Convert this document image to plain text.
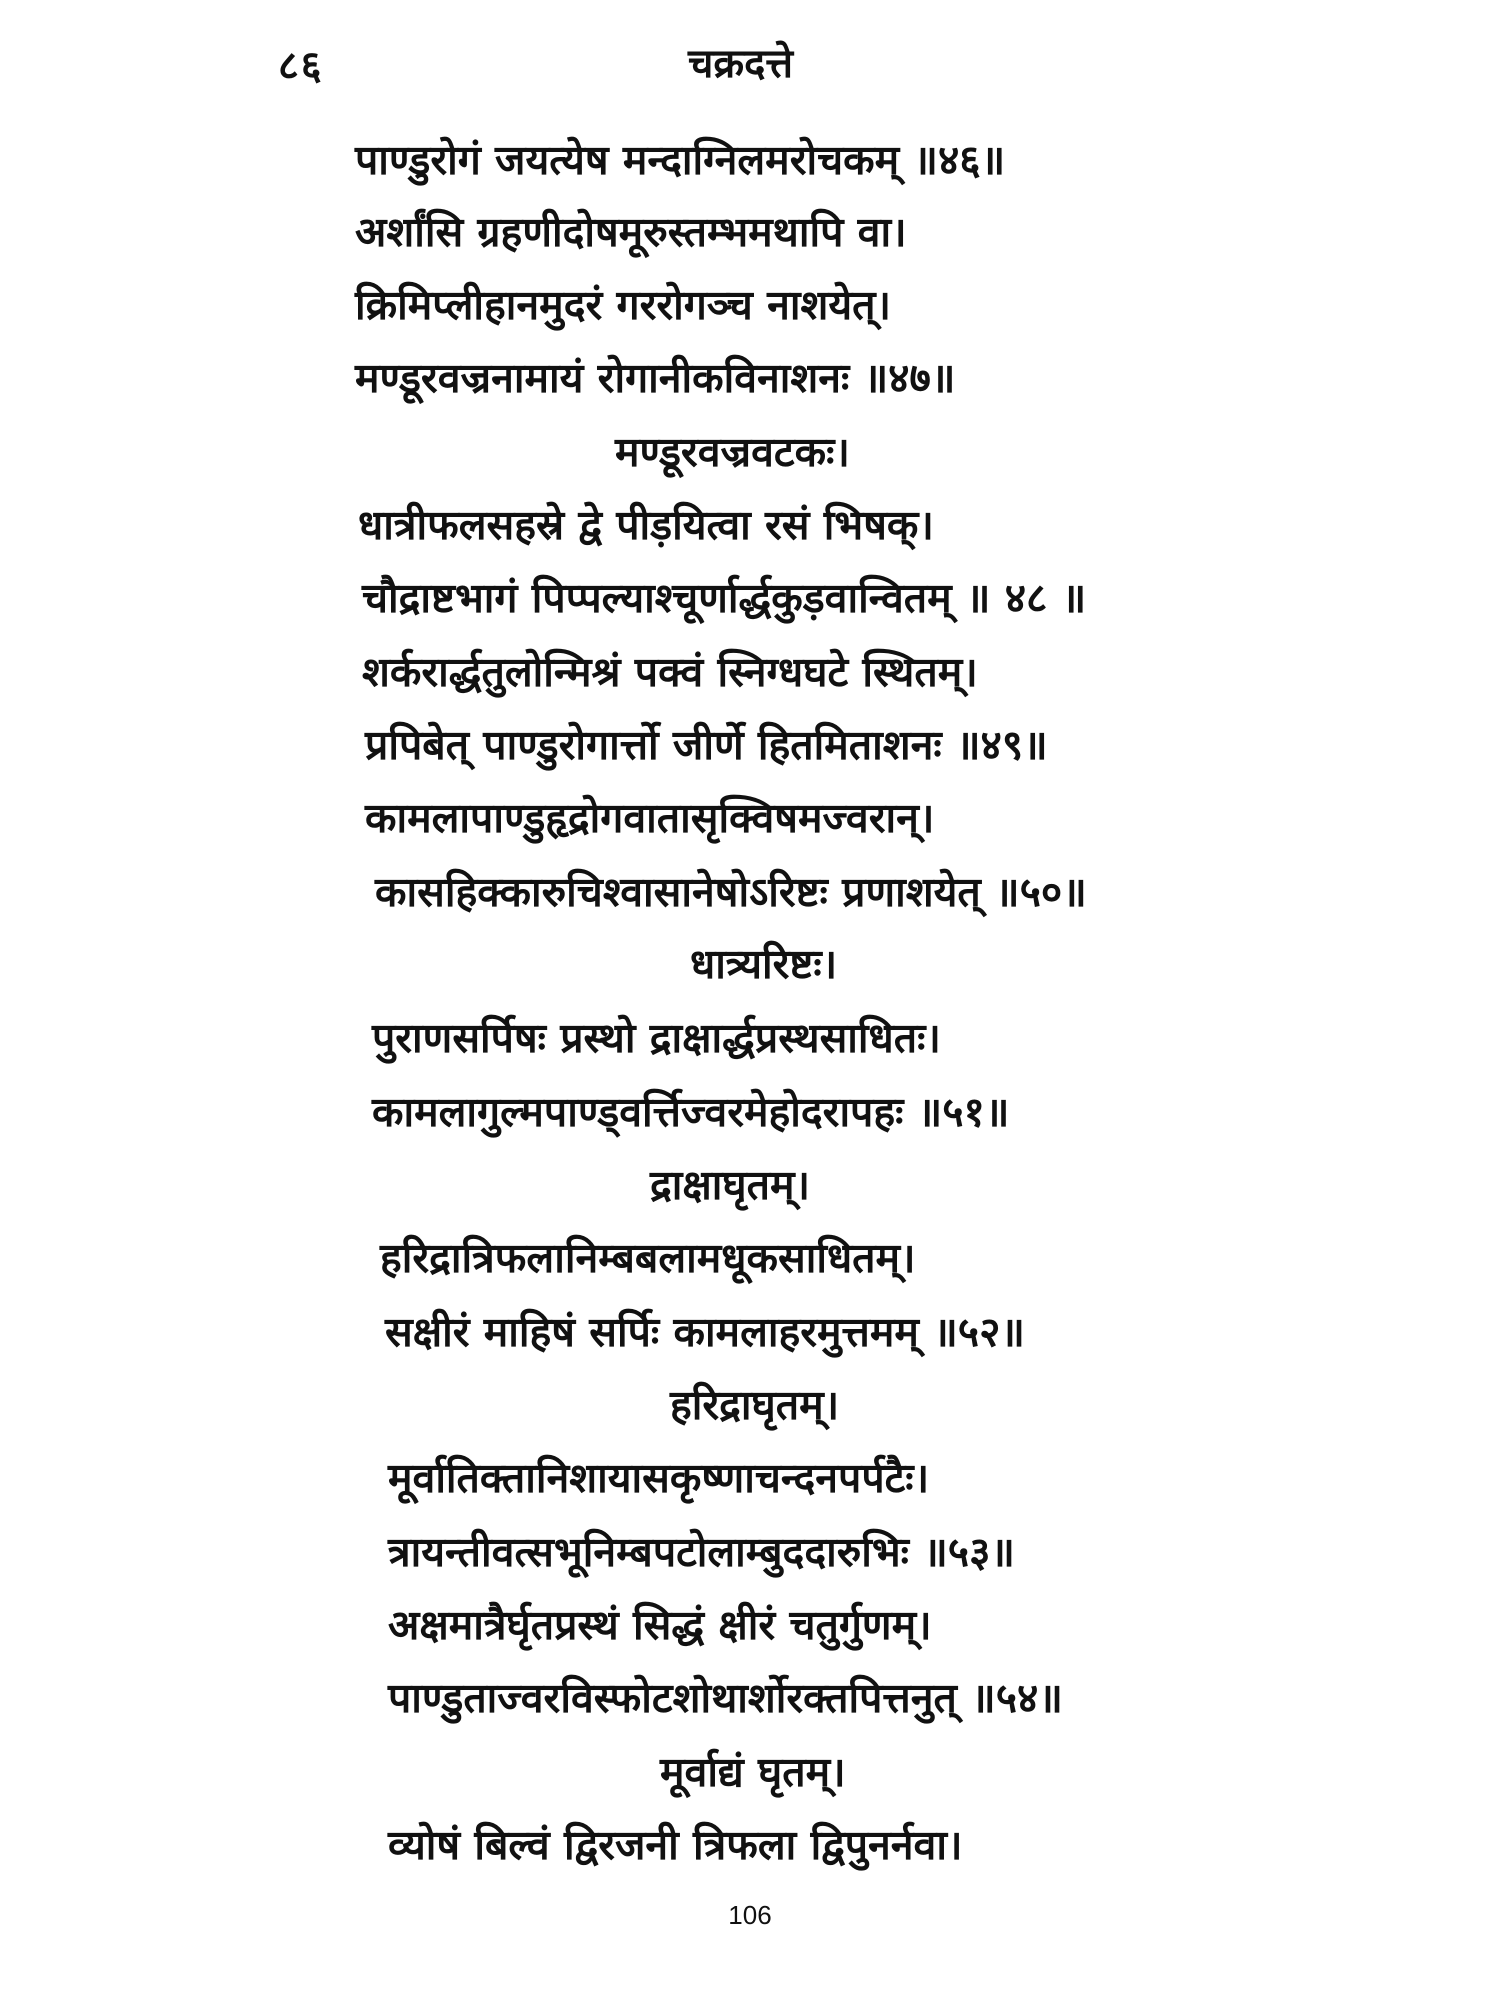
८६	चक्रदत्ते
पाण्डुरोगं जयत्येष मन्दाग्निलमरोचकम् ॥४६॥
अर्शांसि ग्रहणीदोषमूरुस्तम्भमथापि वा।
क्रिमिप्लीहानमुदरं गररोगञ्च नाशयेत्।
मण्डूरवज्रनामायं रोगानीकविनाशनः ॥४७॥
मण्डूरवज्रवटकः।
धात्रीफलसहस्रे द्वे पीड़यित्वा रसं भिषक्।
चौद्राष्टभागं पिप्पल्याश्चूर्णार्द्धकुड़वान्वितम् ॥ ४८ ॥
शर्करार्द्धतुलोन्मिश्रं पक्वं स्निग्धघटे स्थितम्।
प्रपिबेत् पाण्डुरोगार्त्तो जीर्णे हितमिताशनः ॥४९॥
कामलापाण्डुहृद्रोगवातासृक्विषमज्वरान्।
कासहिक्कारुचिश्वासानेषोऽरिष्टः प्रणाशयेत् ॥५०॥
धात्र्यरिष्टः।
पुराणसर्पिषः प्रस्थो द्राक्षार्द्धप्रस्थसाधितः।
कामलागुल्मपाण्ड्वर्त्तिज्वरमेहोदरापहः ॥५१॥
द्राक्षाघृतम्।
हरिद्रात्रिफलानिम्बबलामधूकसाधितम्।
सक्षीरं माहिषं सर्पिः कामलाहरमुत्तमम् ॥५२॥
हरिद्राघृतम्।
मूर्वातिक्तानिशायासकृष्णाचन्दनपर्पटैः।
त्रायन्तीवत्सभूनिम्बपटोलाम्बुददारुभिः ॥५३॥
अक्षमात्रैर्घृतप्रस्थं सिद्धं क्षीरं चतुर्गुणम्।
पाण्डुताज्वरविस्फोटशोथार्शोरक्तपित्तनुत् ॥५४॥
मूर्वाद्यं घृतम्।
व्योषं बिल्वं द्विरजनी त्रिफला द्विपुनर्नवा।
106
